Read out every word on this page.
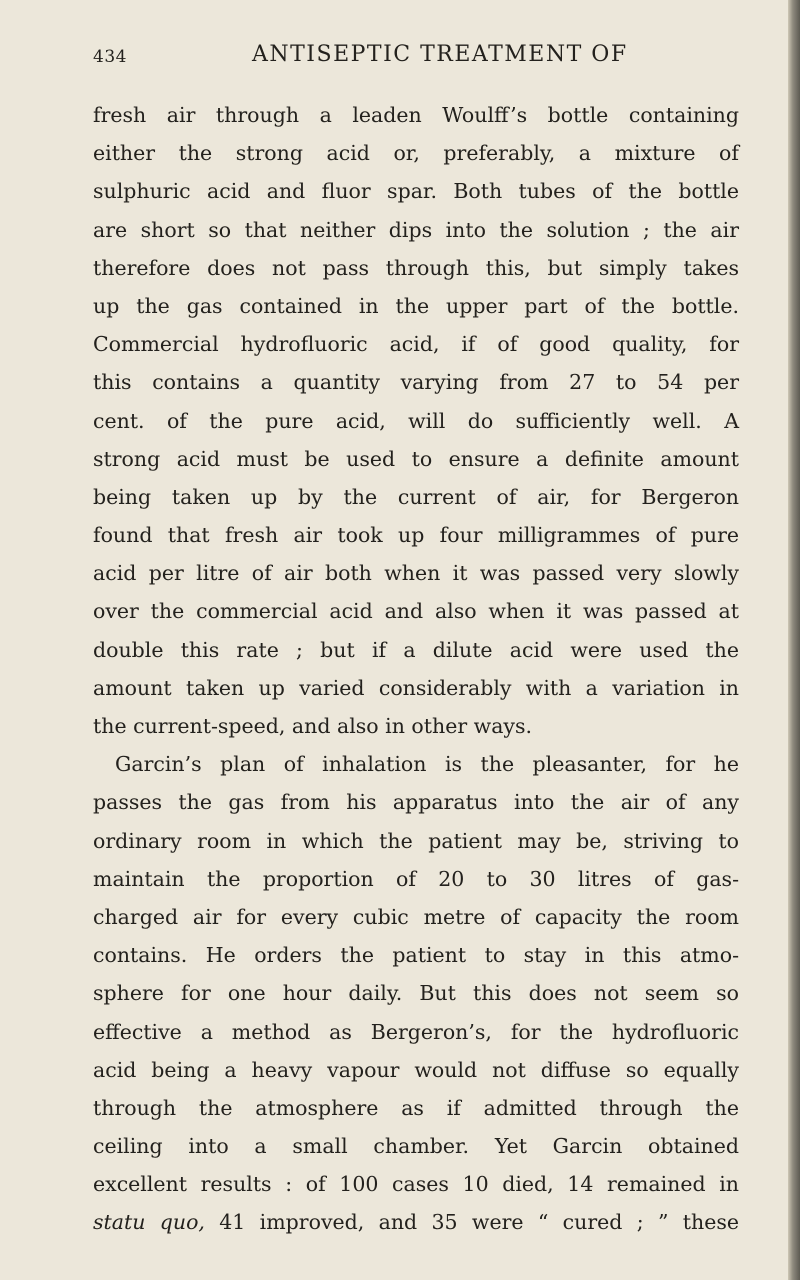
434	ANTISEPTIC TREATMENT OF
fresh air through a leaden Woulff’s bottle containing
either the strong acid or, preferably, a mixture of
sulphuric acid and fluor spar. Both tubes of the bottle
are short so that neither dips into the solution ; the air
therefore does not pass through this, but simply takes
up the gas contained in the upper part of the bottle.
Commercial hydrofluoric acid, if of good quality, for
this contains a quantity varying from 27 to 54 per
cent. of the pure acid, will do sufficiently well. A
strong acid must be used to ensure a definite amount
being taken up by the current of air, for Bergeron
found that fresh air took up four milligrammes of pure
acid per litre of air both when it was passed very slowly
over the commercial acid and also when it was passed at
double this rate ; but if a dilute acid were used the
amount taken up varied considerably with a variation in
the current-speed, and also in other ways.
Garcin’s plan of inhalation is the pleasanter, for he
passes the gas from his apparatus into the air of any
ordinary room in which the patient may be, striving to
maintain the proportion of 20 to 30 litres of gas-
charged air for every cubic metre of capacity the room
contains. He orders the patient to stay in this atmo-
sphere for one hour daily. But this does not seem so
effective a method as Bergeron’s, for the hydrofluoric
acid being a heavy vapour would not diffuse so equally
through the atmosphere as if admitted through the
ceiling into a small chamber. Yet Garcin obtained
excellent results : of 100 cases 10 died, 14 remained in
statu quo, 41 improved, and 35 were “ cured ; ” these
